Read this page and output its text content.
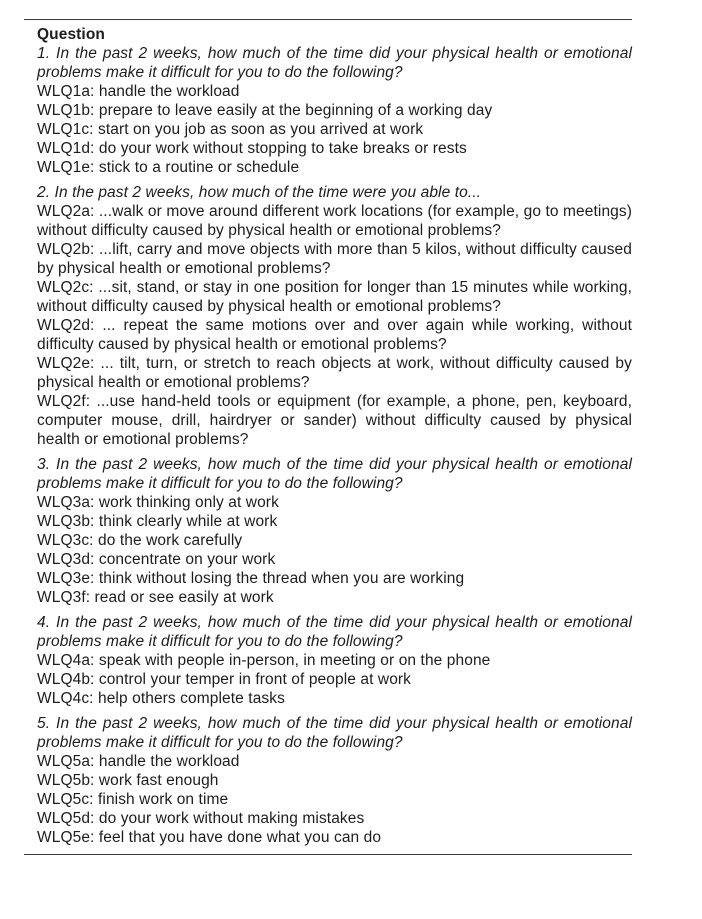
Question

1. In the past 2 weeks, how much of the time did your physical health or emotional problems make it difficult for you to do the following?

WLQ1a: handle the workload

WLQ1b: prepare to leave easily at the beginning of a working day

WLQ1c: start on you job as soon as you arrived at work

WLQ1d: do your work without stopping to take breaks or rests

WLQ1e: stick to a routine or schedule

2. In the past 2 weeks, how much of the time were you able to...

WLQ2a: ...walk or move around different work locations (for example, go to meetings) without difficulty caused by physical health or emotional problems?

WLQ2b: ...lift, carry and move objects with more than 5 kilos, without difficulty caused by physical health or emotional problems?

WLQ2c: ...sit, stand, or stay in one position for longer than 15 minutes while working, without difficulty caused by physical health or emotional problems?

WLQ2d: ... repeat the same motions over and over again while working, without difficulty caused by physical health or emotional problems?

WLQ2e: ... tilt, turn, or stretch to reach objects at work, without difficulty caused by physical health or emotional problems?

WLQ2f: ...use hand-held tools or equipment (for example, a phone, pen, keyboard, computer mouse, drill, hairdryer or sander) without difficulty caused by physical health or emotional problems?

3. In the past 2 weeks, how much of the time did your physical health or emotional problems make it difficult for you to do the following?

WLQ3a: work thinking only at work

WLQ3b: think clearly while at work

WLQ3c: do the work carefully

WLQ3d: concentrate on your work

WLQ3e: think without losing the thread when you are working

WLQ3f: read or see easily at work

4. In the past 2 weeks, how much of the time did your physical health or emotional problems make it difficult for you to do the following?

WLQ4a: speak with people in-person, in meeting or on the phone

WLQ4b: control your temper in front of people at work

WLQ4c: help others complete tasks

5. In the past 2 weeks, how much of the time did your physical health or emotional problems make it difficult for you to do the following?

WLQ5a: handle the workload

WLQ5b: work fast enough

WLQ5c: finish work on time

WLQ5d: do your work without making mistakes

WLQ5e: feel that you have done what you can do
